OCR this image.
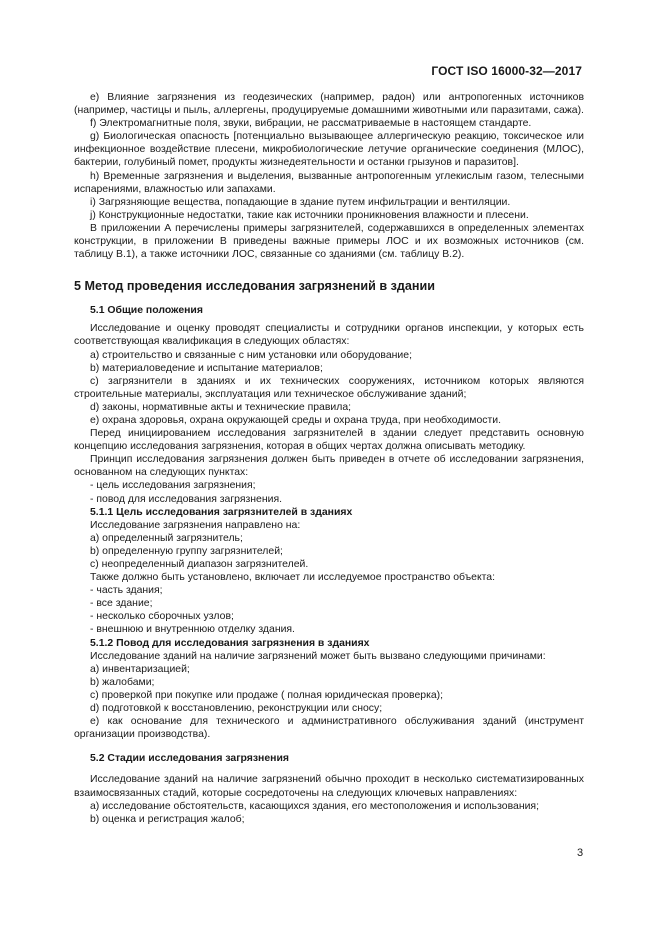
ГОСТ ISO 16000-32—2017
e) Влияние загрязнения из геодезических (например, радон) или антропогенных источников (например, частицы и пыль, аллергены, продуцируемые домашними животными или паразитами, сажа).
f) Электромагнитные поля, звуки, вибрации, не рассматриваемые в настоящем стандарте.
g) Биологическая опасность [потенциально вызывающее аллергическую реакцию, токсическое или инфекционное воздействие плесени, микробиологические летучие органические соединения (МЛОС), бактерии, голубиный помет, продукты жизнедеятельности и останки грызунов и паразитов].
h) Временные загрязнения и выделения, вызванные антропогенным углекислым газом, телесными испарениями, влажностью или запахами.
i) Загрязняющие вещества, попадающие в здание путем инфильтрации и вентиляции.
j) Конструкционные недостатки, такие как источники проникновения влажности и плесени.
В приложении А перечислены примеры загрязнителей, содержавшихся в определенных элементах конструкции, в приложении В приведены важные примеры ЛОС и их возможных источников (см. таблицу В.1), а также источники ЛОС, связанные со зданиями (см. таблицу В.2).
5 Метод проведения исследования загрязнений в здании
5.1 Общие положения
Исследование и оценку проводят специалисты и сотрудники органов инспекции, у которых есть соответствующая квалификация в следующих областях:
a) строительство и связанные с ним установки или оборудование;
b) материаловедение и испытание материалов;
c) загрязнители в зданиях и их технических сооружениях, источником которых являются строительные материалы, эксплуатация или техническое обслуживание зданий;
d) законы, нормативные акты и технические правила;
e) охрана здоровья, охрана окружающей среды и охрана труда, при необходимости.
Перед инициированием исследования загрязнителей в здании следует представить основную концепцию исследования загрязнения, которая в общих чертах должна описывать методику.
Принцип исследования загрязнения должен быть приведен в отчете об исследовании загрязнения, основанном на следующих пунктах:
- цель исследования загрязнения;
- повод для исследования загрязнения.
5.1.1 Цель исследования загрязнителей в зданиях
Исследование загрязнения направлено на:
a) определенный загрязнитель;
b) определенную группу загрязнителей;
c) неопределенный диапазон загрязнителей.
Также должно быть установлено, включает ли исследуемое пространство объекта:
- часть здания;
- все здание;
- несколько сборочных узлов;
- внешнюю и внутреннюю отделку здания.
5.1.2 Повод для исследования загрязнения в зданиях
Исследование зданий на наличие загрязнений может быть вызвано следующими причинами:
a) инвентаризацией;
b) жалобами;
c) проверкой при покупке или продаже ( полная юридическая проверка);
d) подготовкой к восстановлению, реконструкции или сносу;
e) как основание для технического и административного обслуживания зданий (инструмент организации производства).
5.2 Стадии исследования загрязнения
Исследование зданий на наличие загрязнений обычно проходит в несколько систематизированных взаимосвязанных стадий, которые сосредоточены на следующих ключевых направлениях:
a) исследование обстоятельств, касающихся здания, его местоположения и использования;
b) оценка и регистрация жалоб;
3
